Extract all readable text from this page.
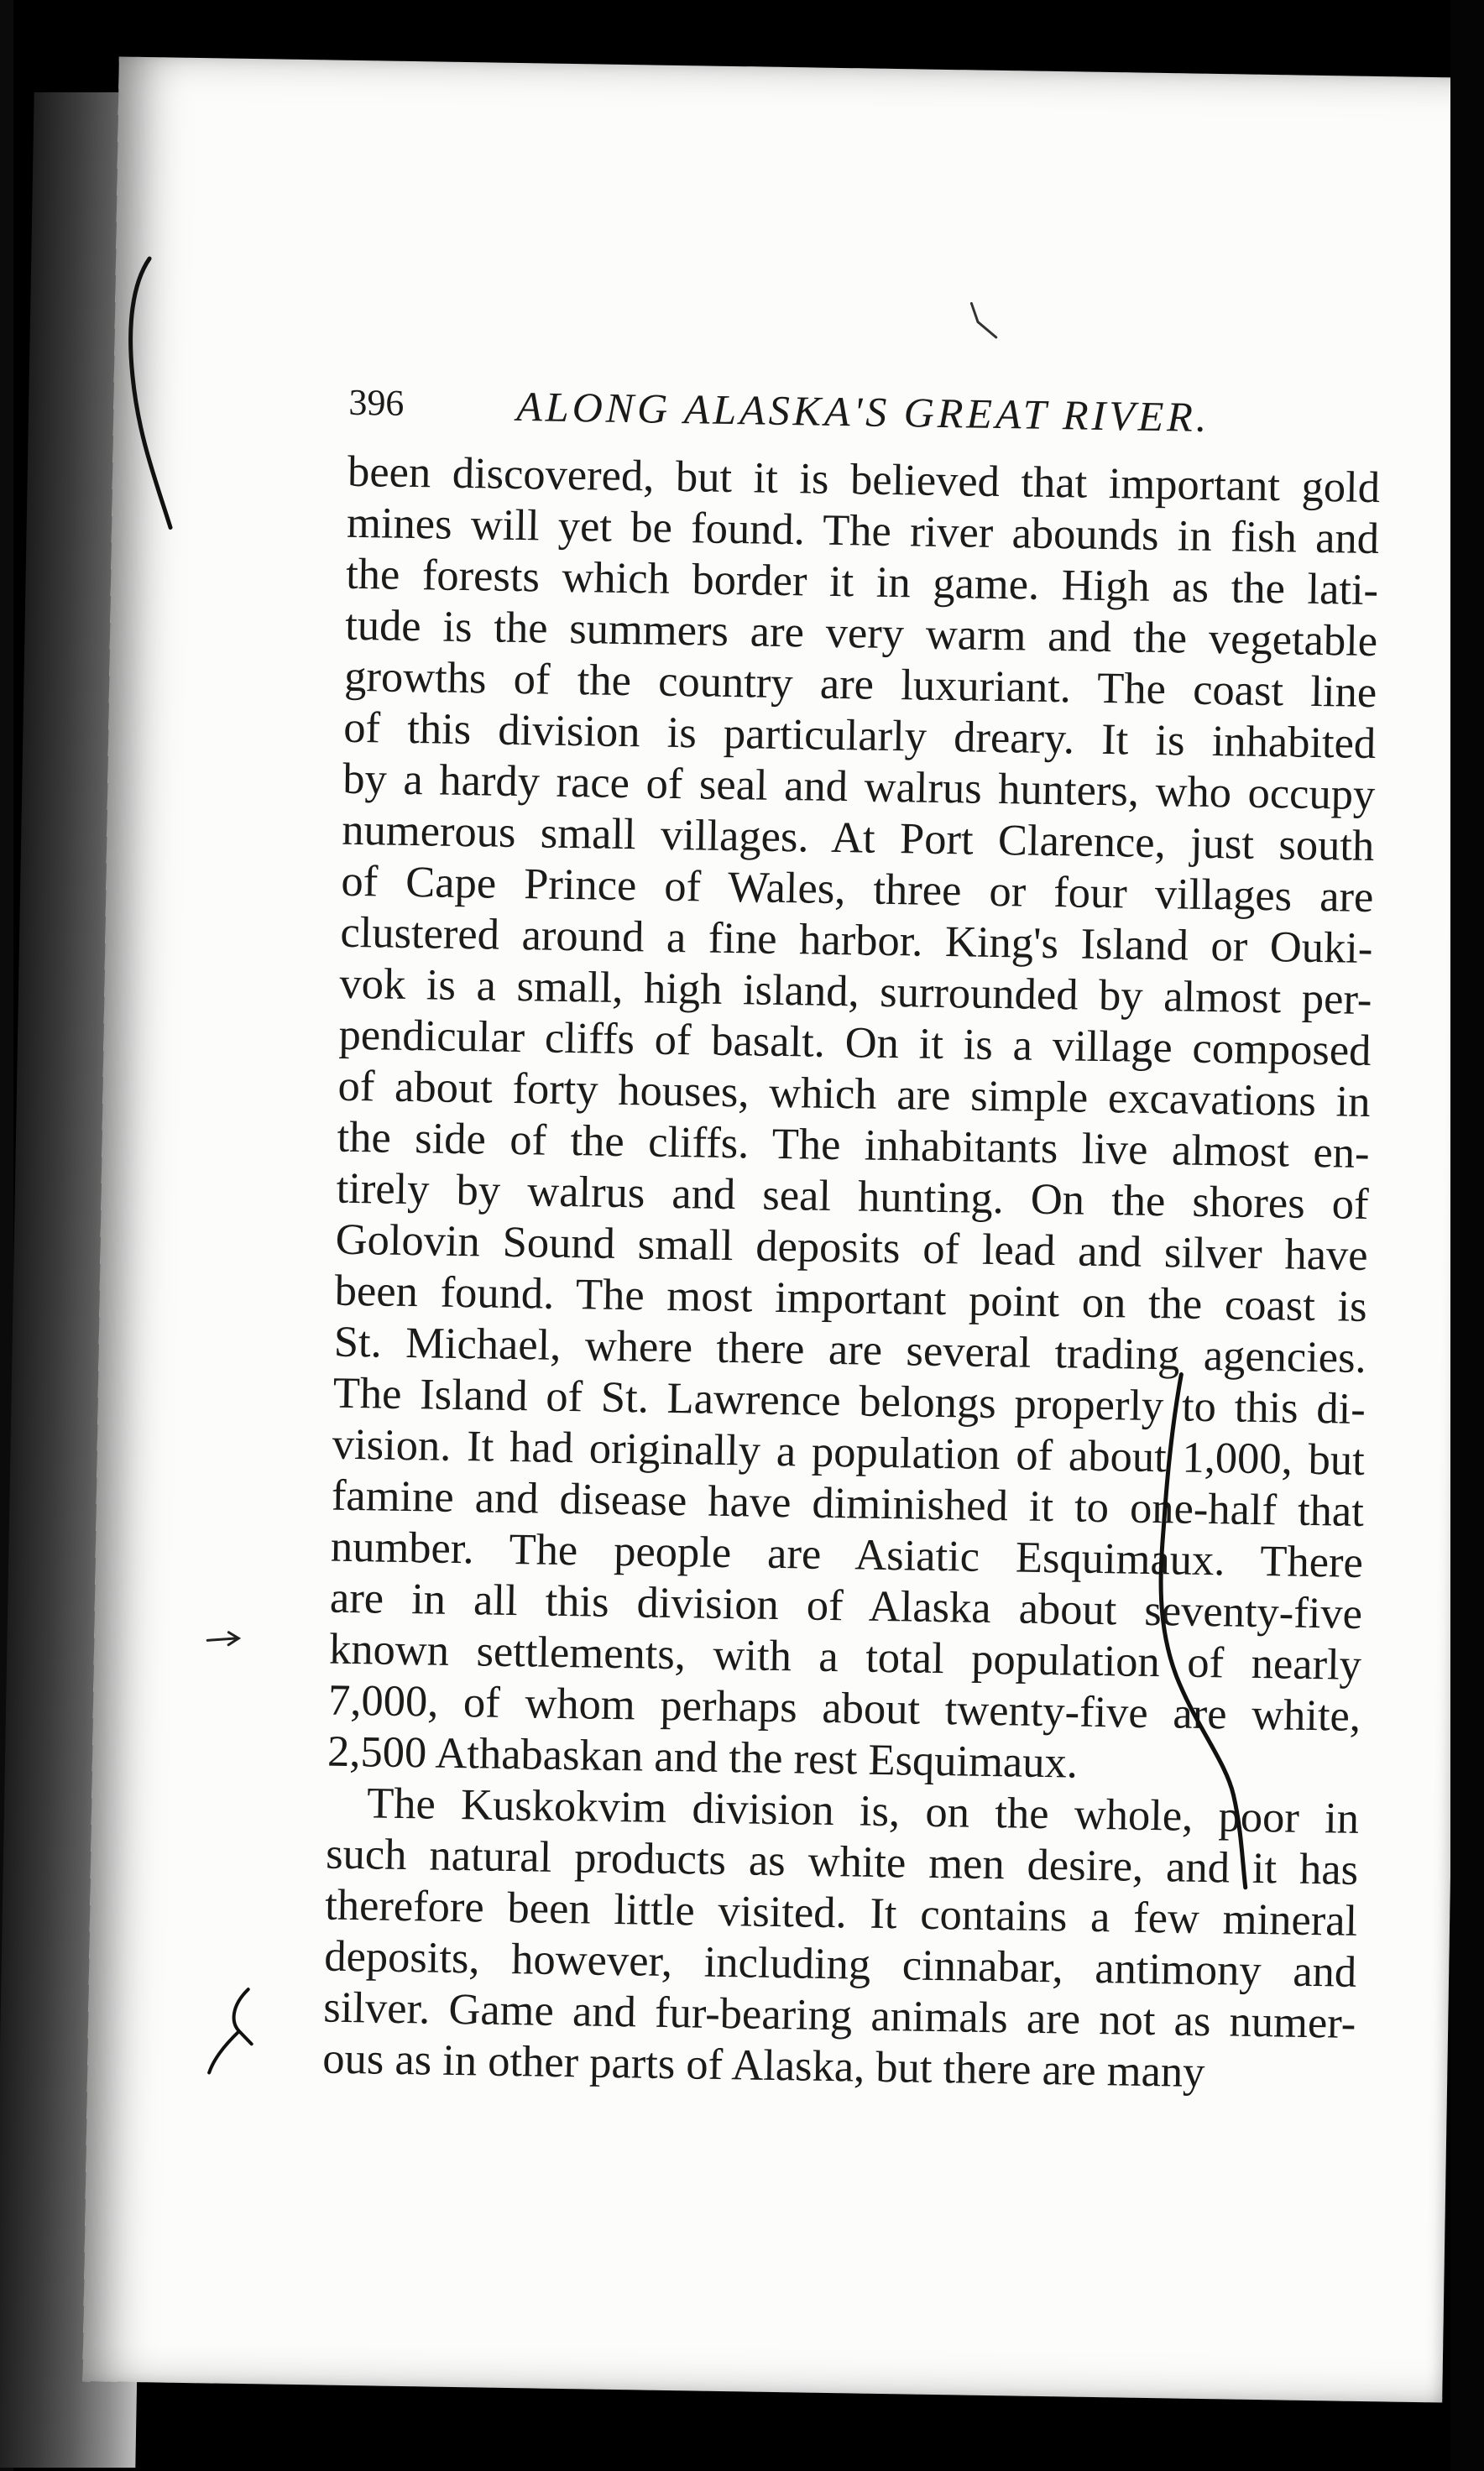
396	ALONG ALASKA'S GREAT RIVER.
been discovered, but it is believed that important gold
mines will yet be found. The river abounds in fish and
the forests which border it in game. High as the lati-
tude is the summers are very warm and the vegetable
growths of the country are luxuriant. The coast line
of this division is particularly dreary. It is inhabited
by a hardy race of seal and walrus hunters, who occupy
numerous small villages. At Port Clarence, just south
of Cape Prince of Wales, three or four villages are
clustered around a fine harbor. King's Island or Ouki-
vok is a small, high island, surrounded by almost per-
pendicular cliffs of basalt. On it is a village composed
of about forty houses, which are simple excavations in
the side of the cliffs. The inhabitants live almost en-
tirely by walrus and seal hunting. On the shores of
Golovin Sound small deposits of lead and silver have
been found. The most important point on the coast is
St. Michael, where there are several trading agencies.
The Island of St. Lawrence belongs properly to this di-
vision. It had originally a population of about 1,000, but
famine and disease have diminished it to one-half that
number. The people are Asiatic Esquimaux. There
are in all this division of Alaska about seventy-five
known settlements, with a total population of nearly
7,000, of whom perhaps about twenty-five are white,
2,500 Athabaskan and the rest Esquimaux.
The Kuskokvim division is, on the whole, poor in
such natural products as white men desire, and it has
therefore been little visited. It contains a few mineral
deposits, however, including cinnabar, antimony and
silver. Game and fur-bearing animals are not as numer-
ous as in other parts of Alaska, but there are many
